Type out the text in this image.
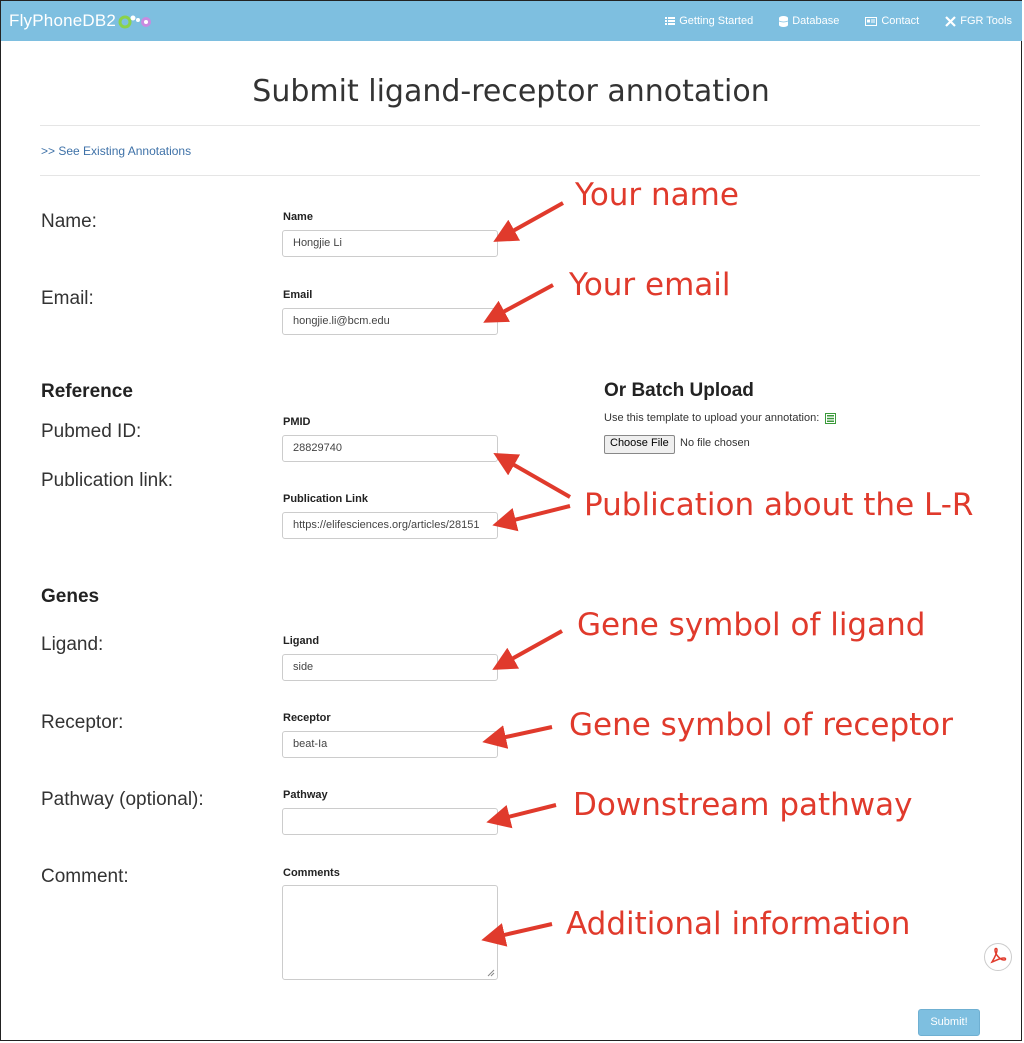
FlyPhoneDB2	Getting Started	Database	Contact	FGR Tools
Submit ligand-receptor annotation
>> See Existing Annotations
Name:	Name
Hongjie Li
Email:	Email
hongjie.li@bcm.edu
Reference
Pubmed ID:	PMID
28829740
Publication link:
Publication Link
https://elifesciences.org/articles/28151
Or Batch Upload
Use this template to upload your annotation:
Choose File	No file chosen
Genes
Ligand:	Ligand
side
Receptor:	Receptor
beat-Ia
Pathway (optional):	Pathway
Comment:	Comments
Your name
Your email
Publication about the L-R
Gene symbol of ligand
Gene symbol of receptor
Downstream pathway
Additional information
Submit!
